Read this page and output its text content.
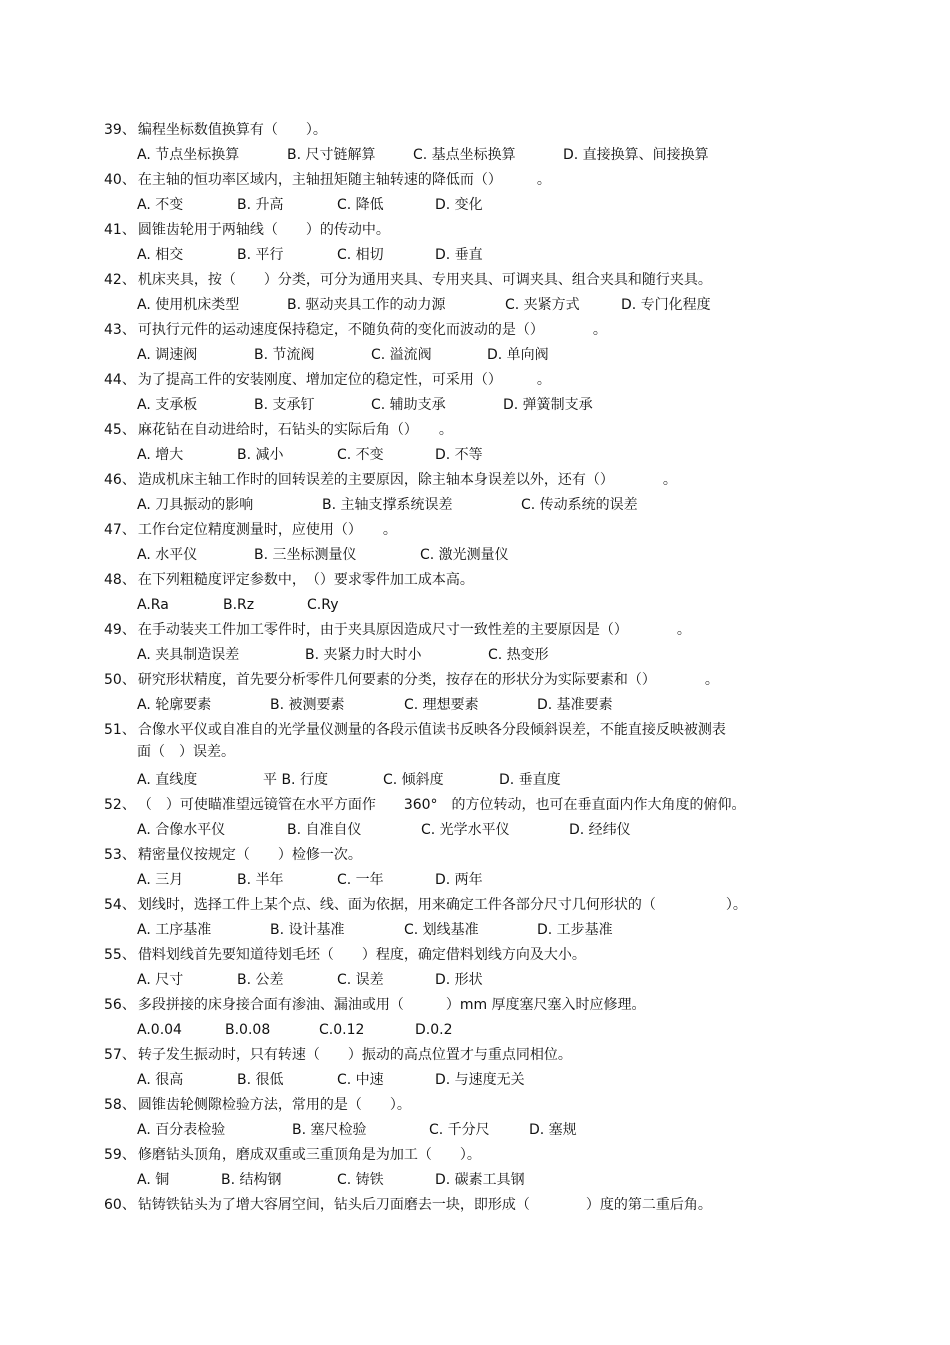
39、 编程坐标数值换算有（　　）。
A. 节点坐标换算	B. 尺寸链解算	C. 基点坐标换算	D. 直接换算、间接换算
40、 在主轴的恒功率区域内，主轴扭矩随主轴转速的降低而（）　　　。
A. 不变	B. 升高	C. 降低	D. 变化
41、 圆锥齿轮用于两轴线（　　）的传动中。
A. 相交	B. 平行	C. 相切	D. 垂直
42、 机床夹具，按（　　）分类，可分为通用夹具、专用夹具、可调夹具、组合夹具和随行夹具。
A. 使用机床类型	B. 驱动夹具工作的动力源	C. 夹紧方式	D. 专门化程度
43、 可执行元件的运动速度保持稳定，不随负荷的变化而波动的是（）　　　　。
A. 调速阀	B. 节流阀	C. 溢流阀	D. 单向阀
44、 为了提高工件的安装刚度、增加定位的稳定性，可采用（）　　　。
A. 支承板	B. 支承钉	C. 辅助支承	D. 弹簧制支承
45、 麻花钻在自动进给时，石钻头的实际后角（）　　。
A. 增大	B. 减小	C. 不变	D. 不等
46、 造成机床主轴工作时的回转误差的主要原因，除主轴本身误差以外，还有（）　　　　。
A. 刀具振动的影响	B. 主轴支撑系统误差	C. 传动系统的误差
47、 工作台定位精度测量时，应使用（）　　。
A. 水平仪	B. 三坐标测量仪	C. 激光测量仪
48、 在下列粗糙度评定参数中，　（）要求零件加工成本高。
A.Ra	B.Rz	C.Ry
49、 在手动装夹工件加工零件时，由于夹具原因造成尺寸一致性差的主要原因是（）　　　　。
A. 夹具制造误差	B. 夹紧力时大时小	C. 热变形
50、 研究形状精度，首先要分析零件几何要素的分类，按存在的形状分为实际要素和（）　　　　。
A. 轮廓要素	B. 被测要素	C. 理想要素	D. 基准要素
51、 合像水平仪或自准自的光学量仪测量的各段示值读书反映各分段倾斜误差，不能直接反映被测表
面（　）误差。
A. 直线度	平 B. 行度	C. 倾斜度	D. 垂直度
52、 （　）可使瞄准望远镜管在水平方面作　　360°　的方位转动，也可在垂直面内作大角度的俯仰。
A. 合像水平仪	B. 自准自仪	C. 光学水平仪	D. 经纬仪
53、 精密量仪按规定（　　）检修一次。
A. 三月	B. 半年	C. 一年	D. 两年
54、 划线时，选择工件上某个点、线、面为依据，用来确定工件各部分尺寸几何形状的（　　　　　）。
A. 工序基准	B. 设计基准	C. 划线基准	D. 工步基准
55、 借料划线首先要知道待划毛坯（　　）程度，确定借料划线方向及大小。
A. 尺寸	B. 公差	C. 误差	D. 形状
56、 多段拼接的床身接合面有渗油、漏油或用（　　　）mm 厚度塞尺塞入时应修理。
A.0.04	B.0.08	C.0.12	D.0.2
57、 转子发生振动时，只有转速（　　）振动的高点位置才与重点同相位。
A. 很高	B. 很低	C. 中速	D. 与速度无关
58、 圆锥齿轮侧隙检验方法，常用的是（　　）。
A. 百分表检验	B. 塞尺检验	C. 千分尺	D. 塞规
59、 修磨钻头顶角，磨成双重或三重顶角是为加工（　　）。
A. 铜	B. 结构钢	C. 铸铁	D. 碳素工具钢
60、 钻铸铁钻头为了增大容屑空间，钻头后刀面磨去一块，即形成（　　　　）度的第二重后角。
